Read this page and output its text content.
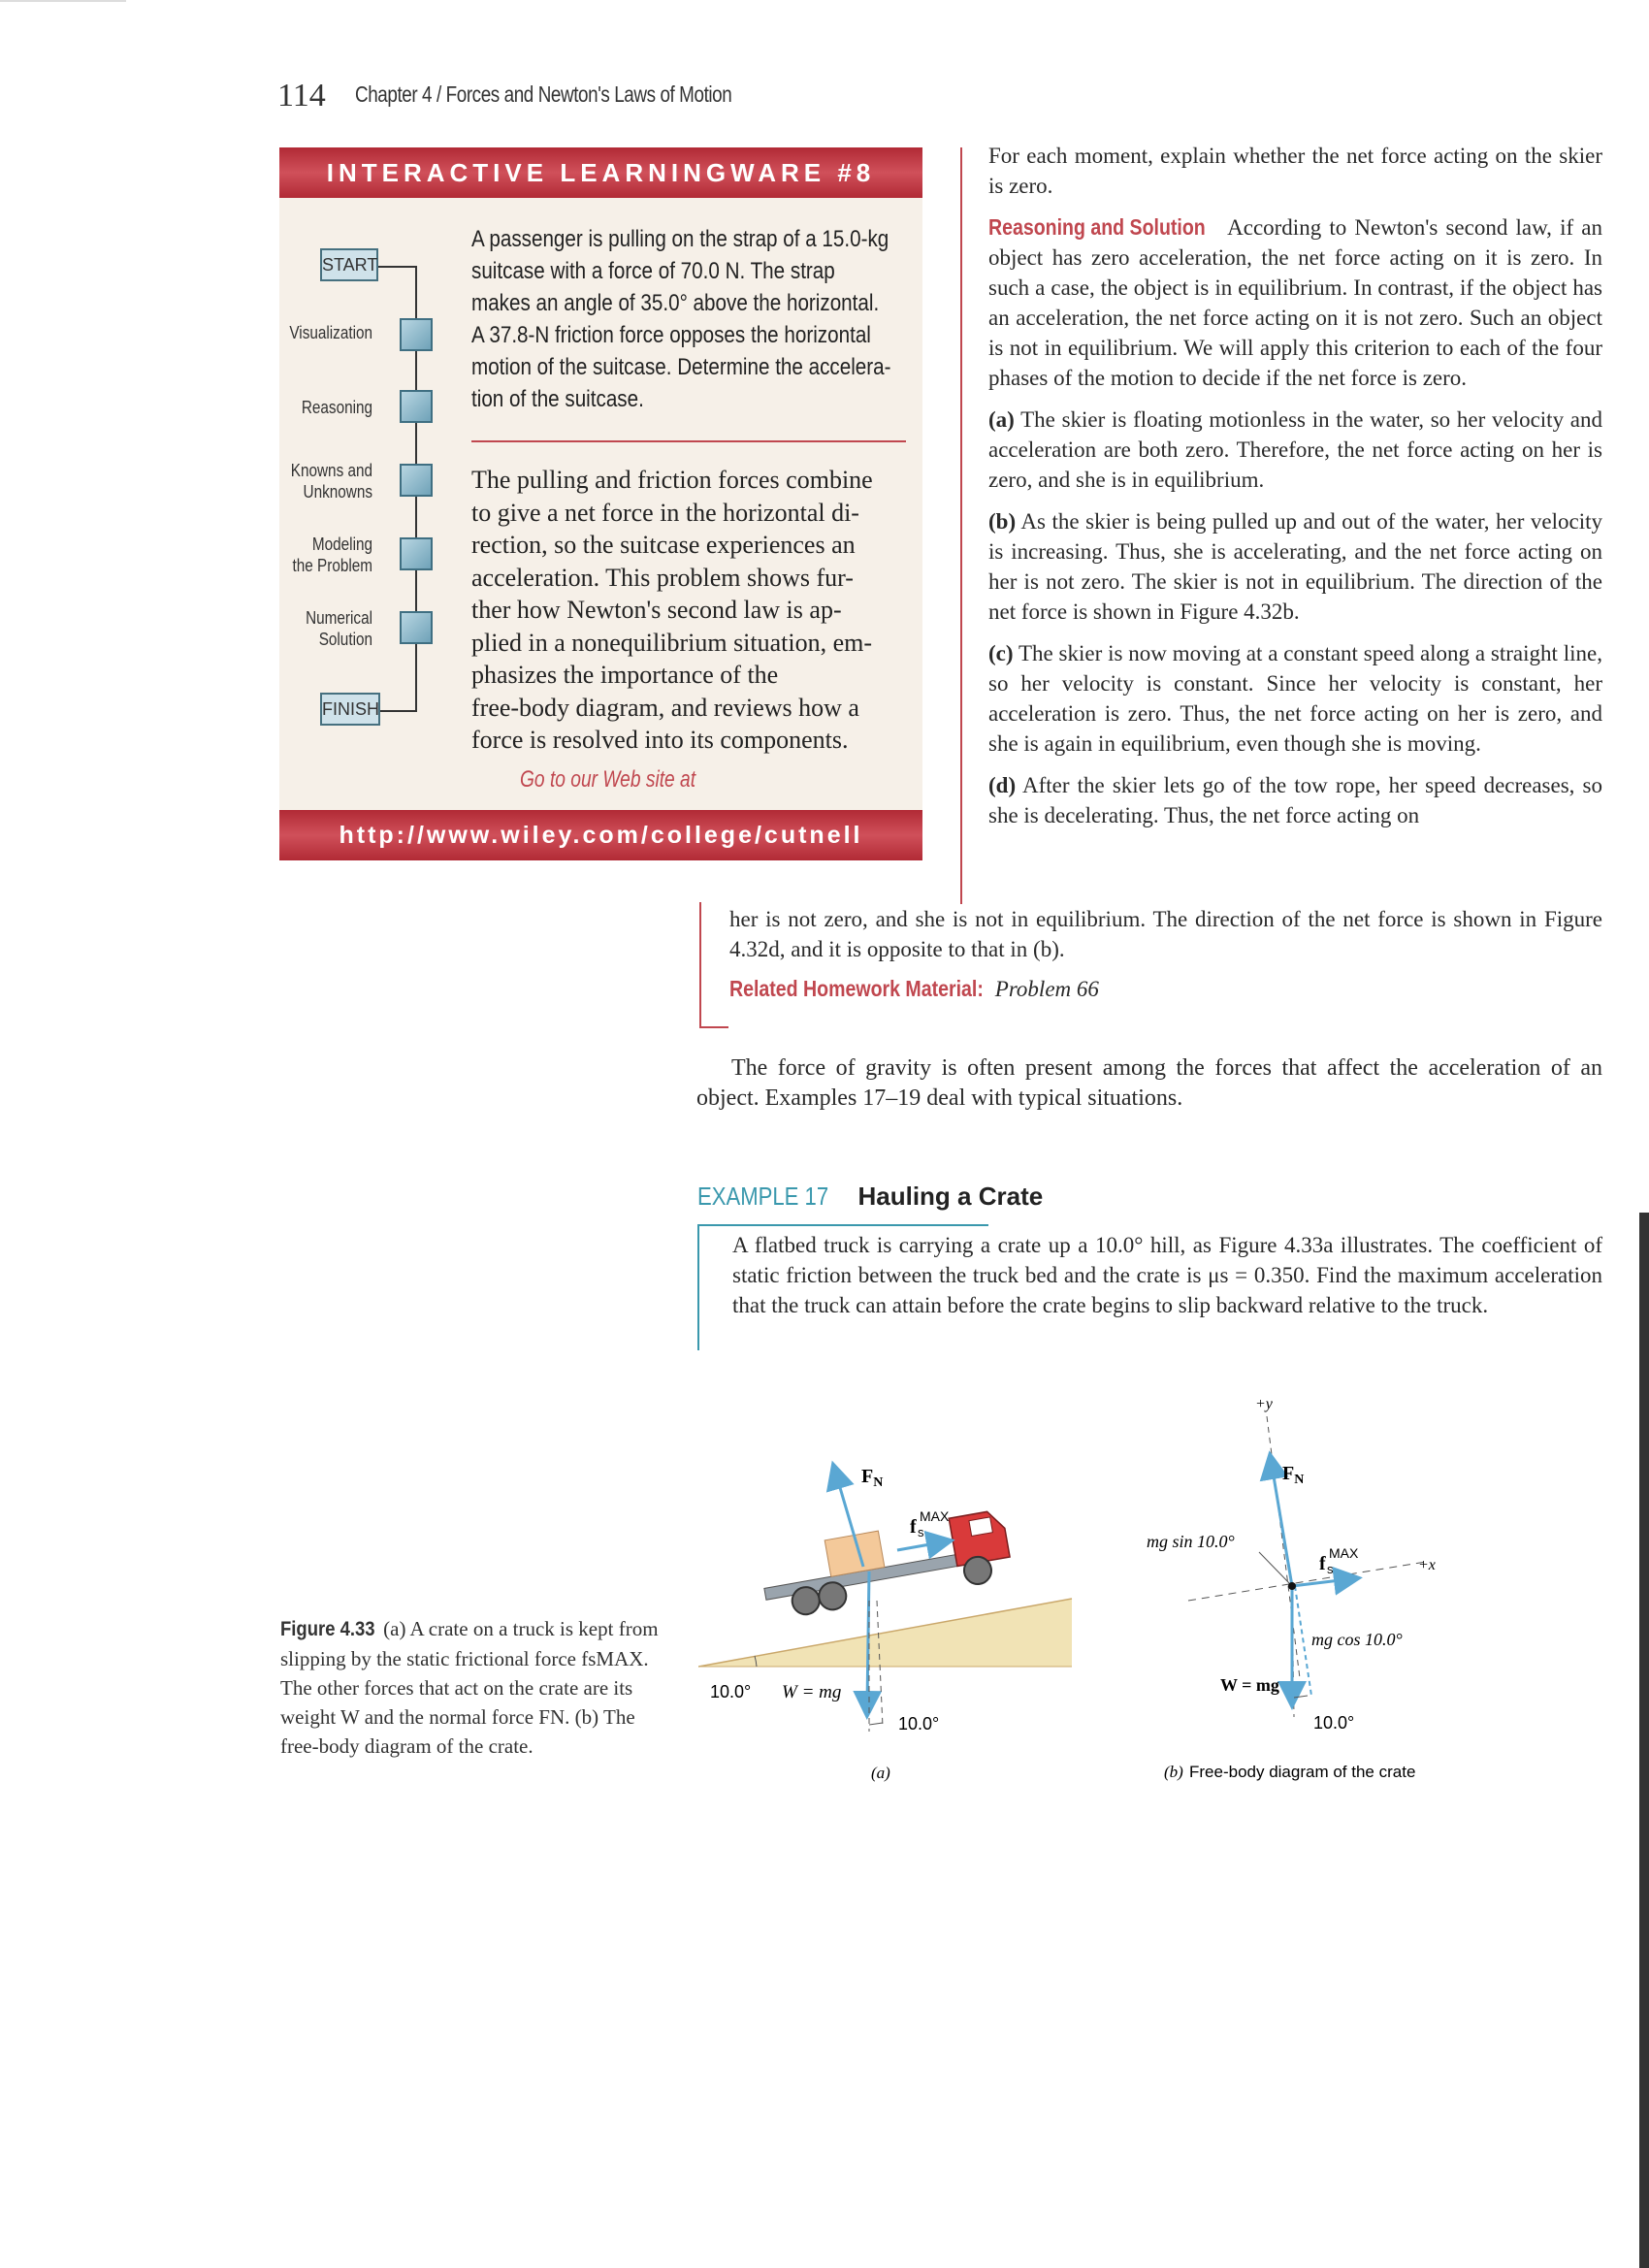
114 Chapter 4 / Forces and Newton's Laws of Motion
INTERACTIVE LEARNINGWARE #8
START
FINISH
Visualization

Reasoning

Knowns and
Unknowns
Modeling
the Problem
Numerical
Solution
A passenger is pulling on the strap of a 15.0-kg
suitcase with a force of 70.0 N. The strap
makes an angle of 35.0° above the horizontal.
A 37.8-N friction force opposes the horizontal
motion of the suitcase. Determine the accelera-
tion of the suitcase.
The pulling and friction forces combine
to give a net force in the horizontal di-
rection, so the suitcase experiences an
acceleration. This problem shows fur-
ther how Newton's second law is ap-
plied in a nonequilibrium situation, em-
phasizes the importance of the
free-body diagram, and reviews how a
force is resolved into its components.
Go to our Web site at
http://www.wiley.com/college/cutnell

For each moment, explain whether the net force acting on the skier is zero.

Reasoning and Solution According to Newton's second law, if an object has zero acceleration, the net force acting on it is zero. In such a case, the object is in equilibrium. In contrast, if the object has an acceleration, the net force acting on it is not zero. Such an object is not in equilibrium. We will apply this criterion to each of the four phases of the motion to decide if the net force is zero.

(a) The skier is floating motionless in the water, so her velocity and acceleration are both zero. Therefore, the net force acting on her is zero, and she is in equilibrium.

(b) As the skier is being pulled up and out of the water, her velocity is increasing. Thus, she is accelerating, and the net force acting on her is not zero. The skier is not in equilibrium. The direction of the net force is shown in Figure 4.32b.

(c) The skier is now moving at a constant speed along a straight line, so her velocity is constant. Since her velocity is constant, her acceleration is zero. Thus, the net force acting on her is zero, and she is again in equilibrium, even though she is moving.

(d) After the skier lets go of the tow rope, her speed decreases, so she is decelerating. Thus, the net force acting on

her is not zero, and she is not in equilibrium. The direction of the net force is shown in Figure 4.32d, and it is opposite to that in (b).

Related Homework Material: Problem 66

The force of gravity is often present among the forces that affect the acceleration of an object. Examples 17–19 deal with typical situations.
EXAMPLE 17 Hauling a Crate
A flatbed truck is carrying a crate up a 10.0° hill, as Figure 4.33a illustrates. The coefficient of static friction between the truck bed and the crate is μs = 0.350. Find the maximum acceleration that the truck can attain before the crate begins to slip backward relative to the truck.
Figure 4.33 (a) A crate on a truck is kept from slipping by the static frictional force fsMAX. The other forces that act on the crate are its weight W and the normal force FN. (b) The free-body diagram of the crate.
$F_N$
f MAX
s
10.0° W = mg
10.0°
(a)
+y
+x
$F_N$
f MAX
s
mg sin 10.0°
mg cos 10.0°
W = mg
10.0°
(b) Free-body diagram of the crate
